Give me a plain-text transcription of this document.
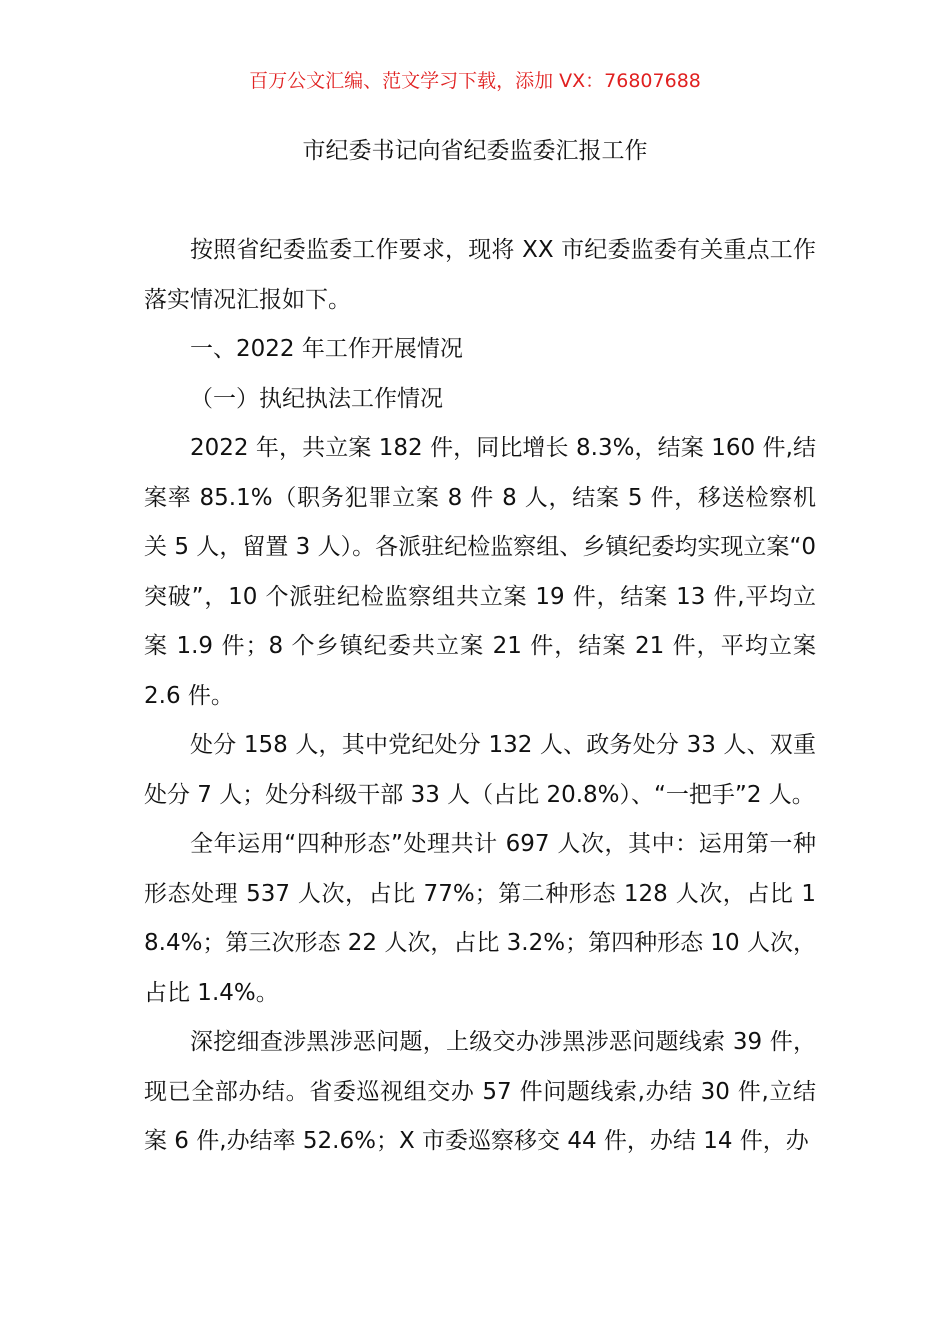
百万公文汇编、范文学习下载，添加 VX：76807688
市纪委书记向省纪委监委汇报工作

按照省纪委监委工作要求，现将 XX 市纪委监委有关重点工作落实情况汇报如下。

一、2022 年工作开展情况

（一）执纪执法工作情况

2022 年，共立案 182 件，同比增长 8.3%，结案 160 件,结案率 85.1%（职务犯罪立案 8 件 8 人，结案 5 件，移送检察机关 5 人，留置 3 人）。各派驻纪检监察组、乡镇纪委均实现立案“0 突破”，10 个派驻纪检监察组共立案 19 件，结案 13 件,平均立案 1.9 件；8 个乡镇纪委共立案 21 件，结案 21 件，平均立案 2.6 件。

处分 158 人，其中党纪处分 132 人、政务处分 33 人、双重处分 7 人；处分科级干部 33 人（占比 20.8%）、“一把手”2 人。

全年运用“四种形态”处理共计 697 人次，其中：运用第一种形态处理 537 人次，占比 77%；第二种形态 128 人次，占比 18.4%；第三次形态 22 人次，占比 3.2%；第四种形态 10 人次，占比 1.4%。

深挖细查涉黑涉恶问题，上级交办涉黑涉恶问题线索 39 件，现已全部办结。省委巡视组交办 57 件问题线索,办结 30 件,立结案 6 件,办结率 52.6%；X 市委巡察移交 44 件，办结 14 件，办
